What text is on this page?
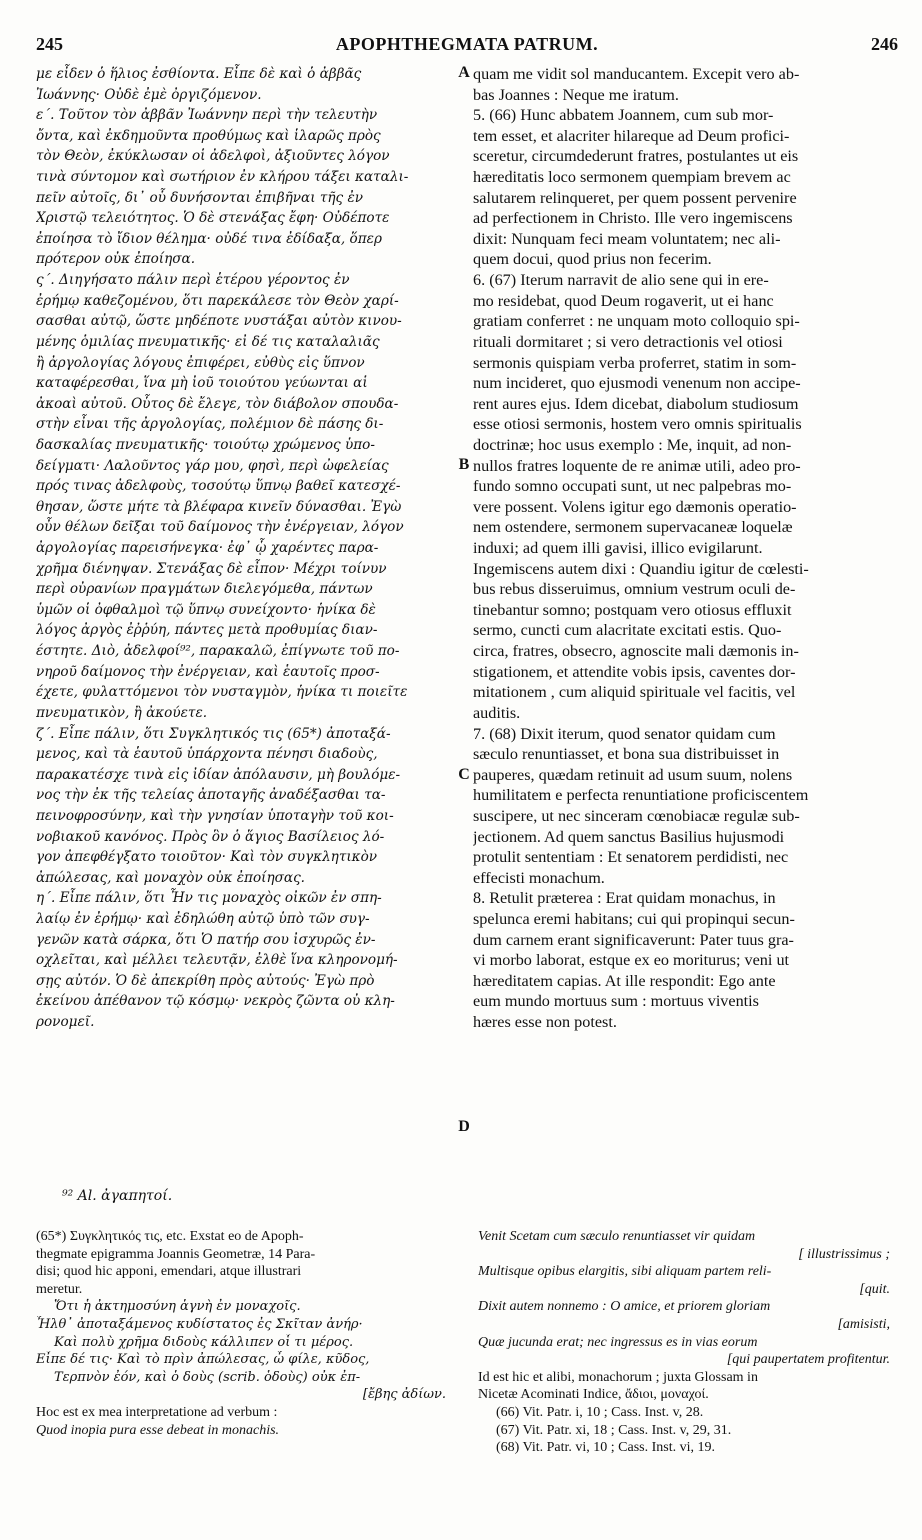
245	APOPHTHEGMATA PATRUM.	246
με εἶδεν ὁ ἥλιος ἐσθίοντα. Εἶπε δὲ καὶ ὁ ἀββᾶς
Ἰωάννης· Οὐδὲ ἐμὲ ὀργιζόμενον.
ε΄. Τοῦτον τὸν ἀββᾶν Ἰωάννην περὶ τὴν τελευτὴν
ὄντα, καὶ ἐκδημοῦντα προθύμως καὶ ἱλαρῶς πρὸς
τὸν Θεὸν, ἐκύκλωσαν οἱ ἀδελφοὶ, ἀξιοῦντες λόγον
τινὰ σύντομον καὶ σωτήριον ἐν κλήρου τάξει καταλι-
πεῖν αὐτοῖς, δι᾽ οὗ δυνήσονται ἐπιβῆναι τῆς ἐν
Χριστῷ τελειότητος. Ὁ δὲ στενάξας ἔφη· Οὐδέποτε
ἐποίησα τὸ ἴδιον θέλημα· οὐδέ τινα ἐδίδαξα, ὅπερ
πρότερον οὐκ ἐποίησα.
ς΄. Διηγήσατο πάλιν περὶ ἑτέρου γέροντος ἐν
ἐρήμῳ καθεζομένου, ὅτι παρεκάλεσε τὸν Θεὸν χαρί-
σασθαι αὐτῷ, ὥστε μηδέποτε νυστάξαι αὐτὸν κινου-
μένης ὁμιλίας πνευματικῆς· εἰ δέ τις καταλαλιᾶς
ἢ ἀργολογίας λόγους ἐπιφέρει, εὐθὺς εἰς ὕπνον
καταφέρεσθαι, ἵνα μὴ ἰοῦ τοιούτου γεύωνται αἱ
ἀκοαὶ αὐτοῦ. Οὗτος δὲ ἔλεγε, τὸν διάβολον σπουδα-
στὴν εἶναι τῆς ἀργολογίας, πολέμιον δὲ πάσης δι-
δασκαλίας πνευματικῆς· τοιούτῳ χρώμενος ὑπο-
δείγματι· Λαλοῦντος γάρ μου, φησὶ, περὶ ὠφελείας
πρός τινας ἀδελφοὺς, τοσούτῳ ὕπνῳ βαθεῖ κατεσχέ-
θησαν, ὥστε μήτε τὰ βλέφαρα κινεῖν δύνασθαι. Ἐγὼ
οὖν θέλων δεῖξαι τοῦ δαίμονος τὴν ἐνέργειαν, λόγον
ἀργολογίας παρεισήνεγκα· ἐφ᾽ ᾧ χαρέντες παρα-
χρῆμα διένηψαν. Στενάξας δὲ εἶπον· Μέχρι τοίνυν
περὶ οὐρανίων πραγμάτων διελεγόμεθα, πάντων
ὑμῶν οἱ ὀφθαλμοὶ τῷ ὕπνῳ συνείχοντο· ἡνίκα δὲ
λόγος ἀργὸς ἐῤῥύη, πάντες μετὰ προθυμίας διαν-
έστητε. Διὸ, ἀδελφοί⁹², παρακαλῶ, ἐπίγνωτε τοῦ πο-
νηροῦ δαίμονος τὴν ἐνέργειαν, καὶ ἑαυτοῖς προσ-
έχετε, φυλαττόμενοι τὸν νυσταγμὸν, ἡνίκα τι ποιεῖτε
πνευματικὸν, ἢ ἀκούετε.
ζ΄. Εἶπε πάλιν, ὅτι Συγκλητικός τις (65*) ἀποταξά-
μενος, καὶ τὰ ἑαυτοῦ ὑπάρχοντα πένησι διαδοὺς,
παρακατέσχε τινὰ εἰς ἰδίαν ἀπόλαυσιν, μὴ βουλόμε-
νος τὴν ἐκ τῆς τελείας ἀποταγῆς ἀναδέξασθαι τα-
πεινοφροσύνην, καὶ τὴν γνησίαν ὑποταγὴν τοῦ κοι-
νοβιακοῦ κανόνος. Πρὸς ὃν ὁ ἅγιος Βασίλειος λό-
γον ἀπεφθέγξατο τοιοῦτον· Καὶ τὸν συγκλητικὸν
ἀπώλεσας, καὶ μοναχὸν οὐκ ἐποίησας.
η΄. Εἶπε πάλιν, ὅτι Ἦν τις μοναχὸς οἰκῶν ἐν σπη-
λαίῳ ἐν ἐρήμῳ· καὶ ἐδηλώθη αὐτῷ ὑπὸ τῶν συγ-
γενῶν κατὰ σάρκα, ὅτι Ὁ πατήρ σου ἰσχυρῶς ἐν-
οχλεῖται, καὶ μέλλει τελευτᾷν, ἐλθὲ ἵνα κληρονομή-
σῃς αὐτόν. Ὁ δὲ ἀπεκρίθη πρὸς αὐτούς· Ἐγὼ πρὸ
ἐκείνου ἀπέθανον τῷ κόσμῳ· νεκρὸς ζῶντα οὐ κλη-
ρονομεῖ.
quam me vidit sol manducantem. Excepit vero ab-
bas Joannes : Neque me iratum.
5. (66) Hunc abbatem Joannem, cum sub mor-
tem esset, et alacriter hilareque ad Deum profici-
sceretur, circumdederunt fratres, postulantes ut eis
hæreditatis loco sermonem quempiam brevem ac
salutarem relinqueret, per quem possent pervenire
ad perfectionem in Christo. Ille vero ingemiscens
dixit: Nunquam feci meam voluntatem; nec ali-
quem docui, quod prius non fecerim.
6. (67) Iterum narravit de alio sene qui in ere-
mo residebat, quod Deum rogaverit, ut ei hanc
gratiam conferret : ne unquam moto colloquio spi-
rituali dormitaret ; si vero detractionis vel otiosi
sermonis quispiam verba proferret, statim in som-
num incideret, quo ejusmodi venenum non accipe-
rent aures ejus. Idem dicebat, diabolum studiosum
esse otiosi sermonis, hostem vero omnis spiritualis
doctrinæ; hoc usus exemplo : Me, inquit, ad non-
nullos fratres loquente de re animæ utili, adeo pro-
fundo somno occupati sunt, ut nec palpebras mo-
vere possent. Volens igitur ego dæmonis operatio-
nem ostendere, sermonem supervacaneæ loquelæ
induxi; ad quem illi gavisi, illico evigilarunt.
Ingemiscens autem dixi : Quandiu igitur de cœlesti-
bus rebus disseruimus, omnium vestrum oculi de-
tinebantur somno; postquam vero otiosus effluxit
sermo, cuncti cum alacritate excitati estis. Quo-
circa, fratres, obsecro, agnoscite mali dæmonis in-
stigationem, et attendite vobis ipsis, caventes dor-
mitationem , cum aliquid spirituale vel facitis, vel
auditis.
7. (68) Dixit iterum, quod senator quidam cum
sæculo renuntiasset, et bona sua distribuisset in
pauperes, quædam retinuit ad usum suum, nolens
humilitatem e perfecta renuntiatione proficiscentem
suscipere, ut nec sinceram cœnobiacæ regulæ sub-
jectionem. Ad quem sanctus Basilius hujusmodi
protulit sententiam : Et senatorem perdidisti, nec
effecisti monachum.
8. Retulit præterea : Erat quidam monachus, in
spelunca eremi habitans; cui qui propinqui secun-
dum carnem erant significaverunt: Pater tuus gra-
vi morbo laborat, estque ex eo moriturus; veni ut
hæreditatem capias. At ille respondit: Ego ante
eum mundo mortuus sum : mortuus viventis
hæres esse non potest.
A
B
C
D
⁹² Al. ἀγαπητοί.
(65*) Συγκλητικός τις, etc. Exstat eo de Apoph-
thegmate epigramma Joannis Geometræ, 14 Para-
disi; quod hic apponi, emendari, atque illustrari
meretur.
Ὅτι ἡ ἀκτημοσύνη ἁγνὴ ἐν μοναχοῖς.
Ἦλθ᾽ ἀποταξάμενος κυδίστατος ἐς Σκῖταν ἀνήρ·
Καὶ πολὺ χρῆμα διδοὺς κάλλιπεν οἷ τι μέρος.
Εἶπε δέ τις· Καὶ τὸ πρὶν ἀπώλεσας, ὦ φίλε, κῦδος,
Τερπνὸν ἐόν, καὶ ὁ δοὺς (scrib. ὁδοὺς) οὐκ ἐπ-
[ἔβης ἀδίων.
Hoc est ex mea interpretatione ad verbum :
Quod inopia pura esse debeat in monachis.
Venit Scetam cum sæculo renuntiasset vir quidam
[ illustrissimus ;
Multisque opibus elargitis, sibi aliquam partem reli-
[quit.
Dixit autem nonnemo : O amice, et priorem gloriam
[amisisti,
Quæ jucunda erat; nec ingressus es in vias eorum
[qui paupertatem profitentur.
Id est hic et alibi, monachorum ; juxta Glossam in
Nicetæ Acominati Indice, ἄδιοι, μοναχοί.
(66) Vit. Patr. i, 10 ; Cass. Inst. v, 28.
(67) Vit. Patr. xi, 18 ; Cass. Inst. v, 29, 31.
(68) Vit. Patr. vi, 10 ; Cass. Inst. vi, 19.
